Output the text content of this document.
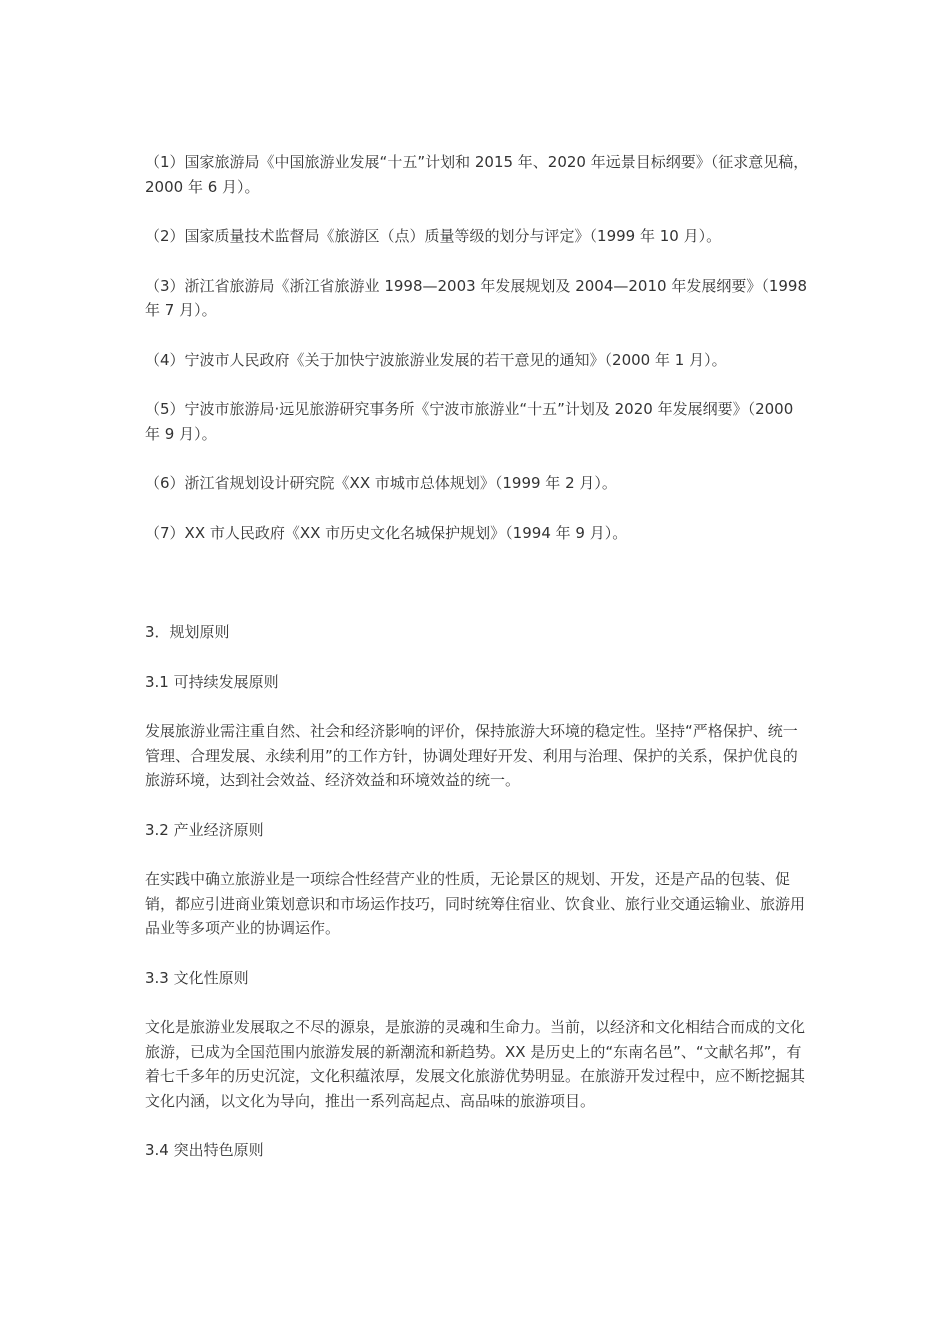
（1）国家旅游局《中国旅游业发展“十五”计划和 2015 年、2020 年远景目标纲要》（征求意见稿，2000 年 6 月）。

（2）国家质量技术监督局《旅游区（点）质量等级的划分与评定》（1999 年 10 月）。

（3）浙江省旅游局《浙江省旅游业 1998—2003 年发展规划及 2004—2010 年发展纲要》（1998 年 7 月）。

（4）宁波市人民政府《关于加快宁波旅游业发展的若干意见的通知》（2000 年 1 月）。

（5）宁波市旅游局·远见旅游研究事务所《宁波市旅游业“十五”计划及 2020 年发展纲要》（2000 年 9 月）。

（6）浙江省规划设计研究院《XX 市城市总体规划》（1999 年 2 月）。

（7）XX 市人民政府《XX 市历史文化名城保护规划》（1994 年 9 月）。

3．规划原则

3.1 可持续发展原则

发展旅游业需注重自然、社会和经济影响的评价，保持旅游大环境的稳定性。坚持“严格保护、统一管理、合理发展、永续利用”的工作方针，协调处理好开发、利用与治理、保护的关系，保护优良的旅游环境，达到社会效益、经济效益和环境效益的统一。

3.2 产业经济原则

在实践中确立旅游业是一项综合性经营产业的性质，无论景区的规划、开发，还是产品的包装、促销，都应引进商业策划意识和市场运作技巧，同时统筹住宿业、饮食业、旅行业交通运输业、旅游用品业等多项产业的协调运作。

3.3 文化性原则

文化是旅游业发展取之不尽的源泉，是旅游的灵魂和生命力。当前，以经济和文化相结合而成的文化旅游，已成为全国范围内旅游发展的新潮流和新趋势。XX 是历史上的“东南名邑”、“文献名邦”，有着七千多年的历史沉淀，文化积蕴浓厚，发展文化旅游优势明显。在旅游开发过程中，应不断挖掘其文化内涵，以文化为导向，推出一系列高起点、高品味的旅游项目。

3.4 突出特色原则
